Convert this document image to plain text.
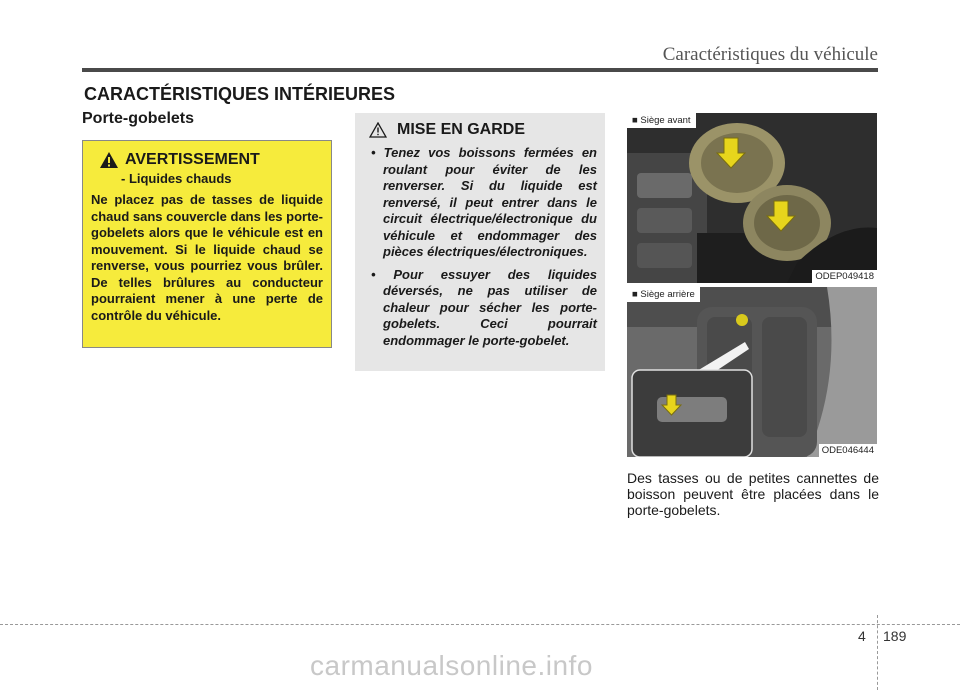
Caractéristiques du véhicule
CARACTÉRISTIQUES INTÉRIEURES
Porte-gobelets
AVERTISSEMENT
- Liquides chauds
Ne placez pas de tasses de liquide chaud sans couvercle dans les porte-gobelets alors que le véhicule est en mouvement. Si le liquide chaud se renverse, vous pourriez vous brûler. De telles brûlures au conducteur pourraient mener à une perte de contrôle du véhicule.
MISE EN GARDE
• Tenez vos boissons fermées en roulant pour éviter de les renverser. Si du liquide est renversé, il peut entrer dans le circuit électrique/électronique du véhicule et endommager des pièces électriques/électroniques.
• Pour essuyer des liquides déversés, ne pas utiliser de chaleur pour sécher les porte-gobelets. Ceci pourrait endommager le porte-gobelet.
■ Siège avant
ODEP049418
■ Siège arrière
ODE046444
Des tasses ou de petites cannettes de boisson peuvent être placées dans le porte-gobelets.
4 189
carmanualsonline.info
